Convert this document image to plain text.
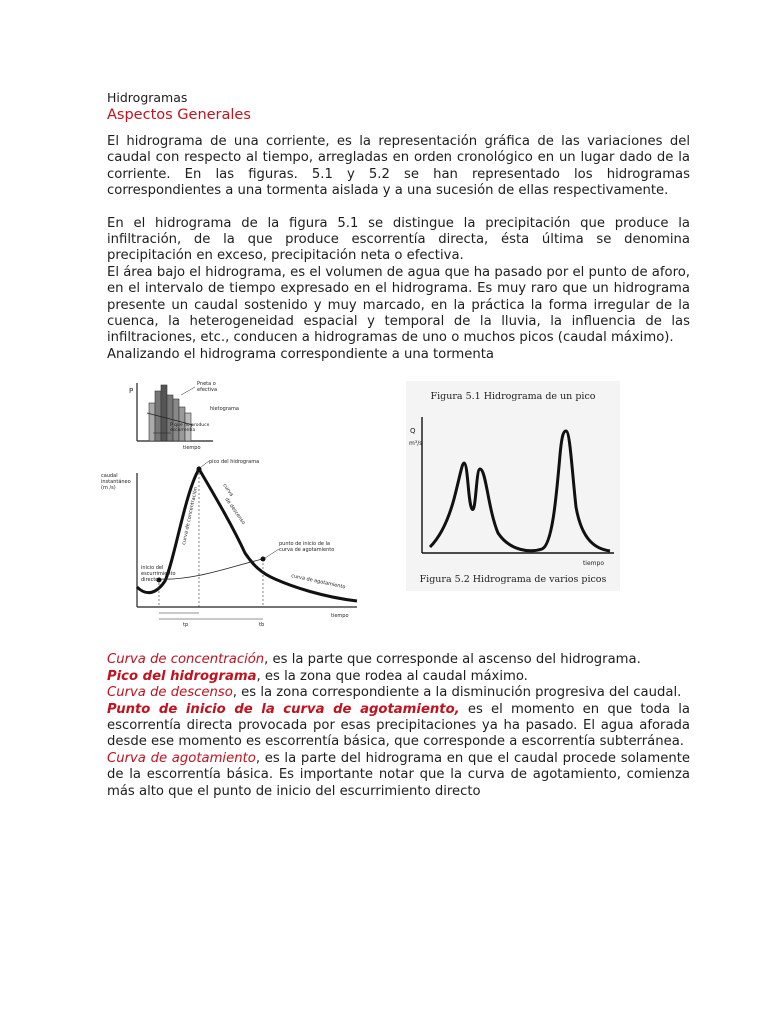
Hidrogramas

Aspectos Generales

El hidrograma de una corriente, es la representación gráfica de las variaciones del caudal con respecto al tiempo, arregladas en orden cronológico en un lugar dado de la corriente. En las figuras. 5.1 y 5.2 se han representado los hidrogramas correspondientes a una tormenta aislada y a una sucesión de ellas respectivamente.

En el hidrograma de la figura 5.1 se distingue la precipitación que produce la infiltración, de la que produce escorrentía directa, ésta última se denomina precipitación en exceso, precipitación neta o efectiva.

El área bajo el hidrograma, es el volumen de agua que ha pasado por el punto de aforo, en el intervalo de tiempo expresado en el hidrograma. Es muy raro que un hidrograma presente un caudal sostenido y muy marcado, en la práctica la forma irregular de la cuenca, la heterogeneidad espacial y temporal de la lluvia, la influencia de las infiltraciones, etc., conducen a hidrogramas de uno o muchos picos (caudal máximo).

Analizando el hidrograma correspondiente a una tormenta

P
Pneta o
efectiva
hietograma
P que no produce
escorrentía
tiempo
caudal
instantáneo
(m /s)
pico del hidrograma
curva de concentración	curva
de descenso
punto de inicio de la
curva de agotamiento
inicio del
escurrimiento
directo	curva de agotamiento
tp	tb
tiempo
Figura 5.1 Hidrograma de un pico
Q
m³/s
tiempo
Figura 5.2 Hidrograma de varios picos

Curva de concentración, es la parte que corresponde al ascenso del hidrograma.

Pico del hidrograma, es la zona que rodea al caudal máximo.

Curva de descenso, es la zona correspondiente a la disminución progresiva del caudal.

Punto de inicio de la curva de agotamiento, es el momento en que toda la escorrentía directa provocada por esas precipitaciones ya ha pasado. El agua aforada desde ese momento es escorrentía básica, que corresponde a escorrentía subterránea.

Curva de agotamiento, es la parte del hidrograma en que el caudal procede solamente de la escorrentía básica. Es importante notar que la curva de agotamiento, comienza más alto que el punto de inicio del escurrimiento directo
